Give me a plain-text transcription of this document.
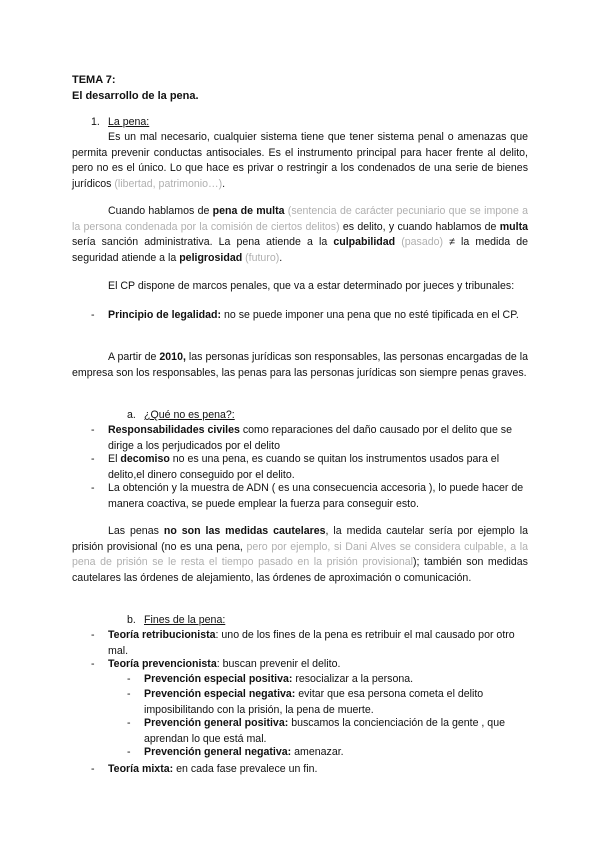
TEMA 7:
El desarrollo de la pena.
1. La pena:
Es un mal necesario, cualquier sistema tiene que tener sistema penal o amenazas que permita prevenir conductas antisociales. Es el instrumento principal para hacer frente al delito, pero no es el único. Lo que hace es privar o restringir a los condenados de una serie de bienes jurídicos (libertad, patrimonio…).
Cuando hablamos de pena de multa (sentencia de carácter pecuniario que se impone a la persona condenada por la comisión de ciertos delitos) es delito, y cuando hablamos de multa sería sanción administrativa. La pena atiende a la culpabilidad (pasado) ≠ la medida de seguridad atiende a la peligrosidad (futuro).
El CP dispone de marcos penales, que va a estar determinado por jueces y tribunales:
- Principio de legalidad: no se puede imponer una pena que no esté tipificada en el CP.
A partir de 2010, las personas jurídicas son responsables, las personas encargadas de la empresa son los responsables, las penas para las personas jurídicas son siempre penas graves.
a. ¿Qué no es pena?:
- Responsabilidades civiles como reparaciones del daño causado por el delito que se dirige a los perjudicados por el delito
- El decomiso no es una pena, es cuando se quitan los instrumentos usados para el delito,el dinero conseguido por el delito.
- La obtención y la muestra de ADN ( es una consecuencia accesoria ), lo puede hacer de manera coactiva, se puede emplear la fuerza para conseguir esto.
Las penas no son las medidas cautelares, la medida cautelar sería por ejemplo la prisión provisional (no es una pena, pero por ejemplo, si Dani Alves se considera culpable, a la pena de prisión se le resta el tiempo pasado en la prisión provisional); también son medidas cautelares las órdenes de alejamiento, las órdenes de aproximación o comunicación.
b. Fines de la pena:
- Teoría retribucionista: uno de los fines de la pena es retribuir el mal causado por otro mal.
- Teoría prevencionista: buscan prevenir el delito.
- Prevención especial positiva: resocializar a la persona.
- Prevención especial negativa: evitar que esa persona cometa el delito imposibilitando con la prisión, la pena de muerte.
- Prevención general positiva: buscamos la concienciación de la gente , que aprendan lo que está mal.
- Prevención general negativa: amenazar.
- Teoría mixta: en cada fase prevalece un fin.
